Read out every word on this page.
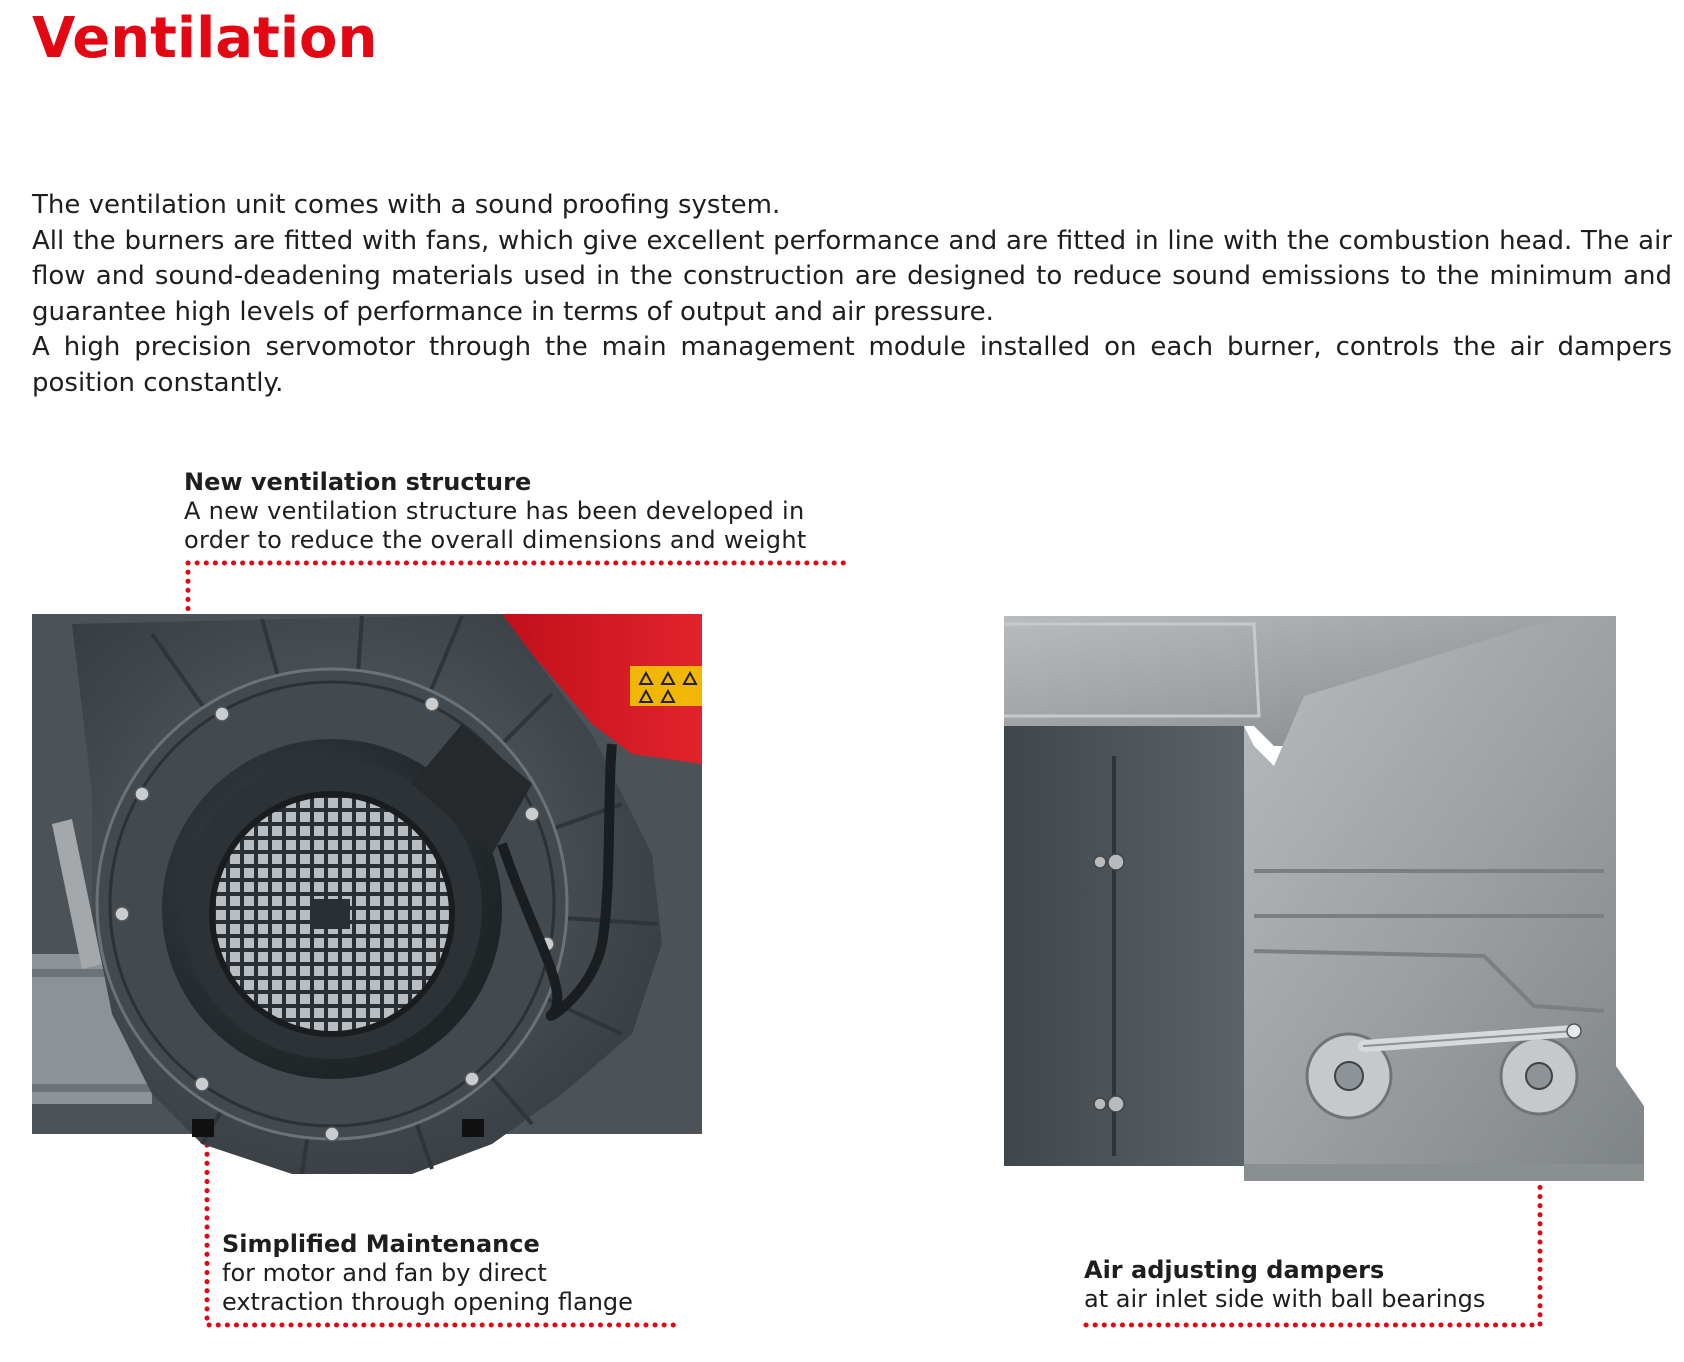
Ventilation

The ventilation unit comes with a sound proofing system.

All the burners are fitted with fans, which give excellent performance and are fitted in line with the combustion head. The air flow and sound-deadening materials used in the construction are designed to reduce sound emissions to the minimum and guarantee high levels of performance in terms of output and air pressure.

A high precision servomotor through the main management module installed on each burner, controls the air dampers position constantly.

New ventilation structure
A new ventilation structure has been developed in
order to reduce the overall dimensions and weight
Simplified Maintenance
for motor and fan by direct
extraction through opening flange
Air adjusting dampers
at air inlet side with ball bearings
